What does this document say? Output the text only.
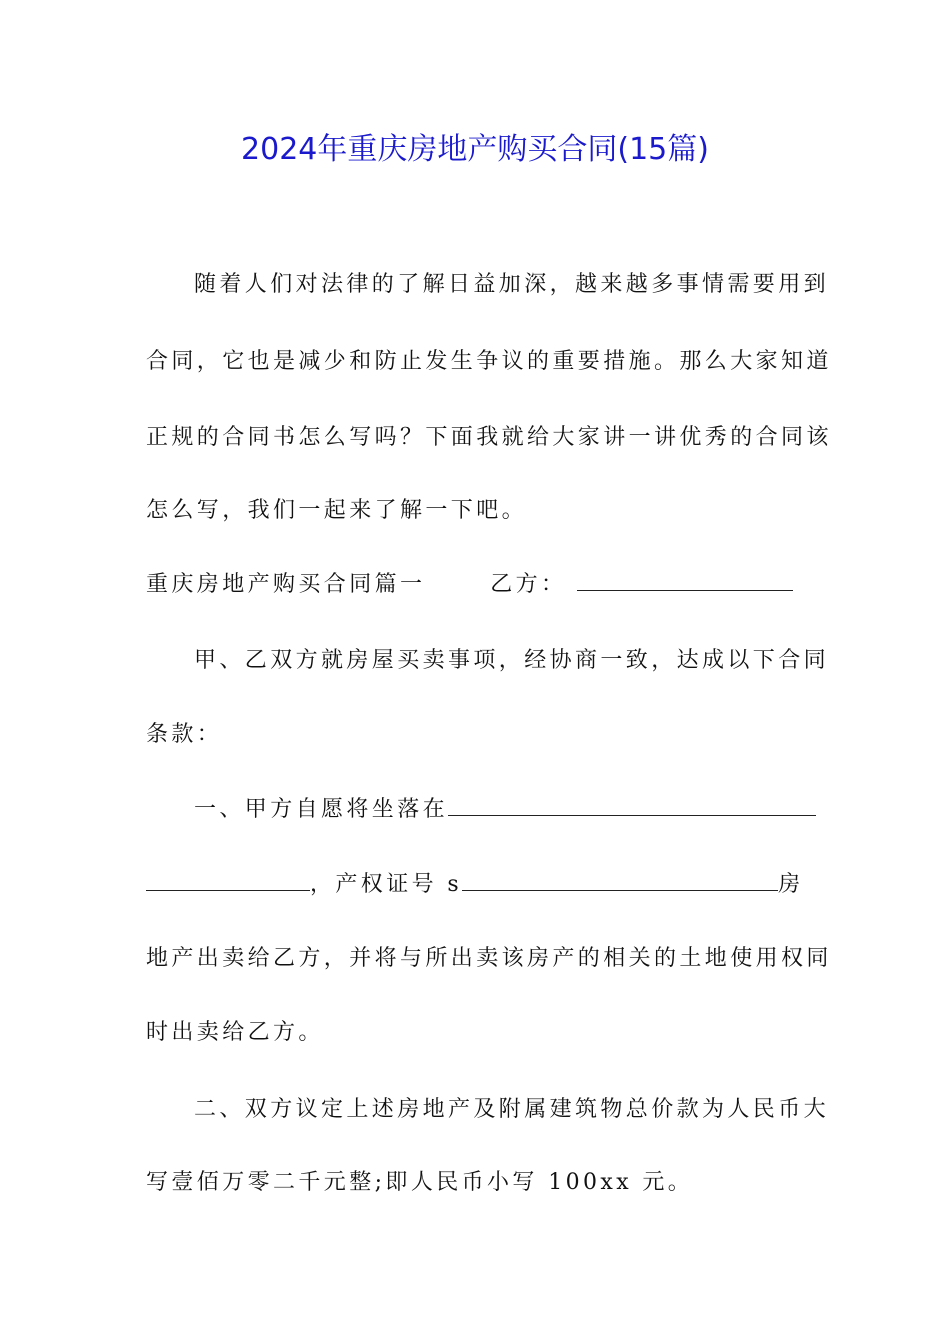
2024年重庆房地产购买合同(15篇)
随着人们对法律的了解日益加深，越来越多事情需要用到
合同，它也是减少和防止发生争议的重要措施。那么大家知道
正规的合同书怎么写吗？下面我就给大家讲一讲优秀的合同该
怎么写，我们一起来了解一下吧。
重庆房地产购买合同篇一	乙方：
甲、乙双方就房屋买卖事项，经协商一致，达成以下合同
条款：
一、甲方自愿将坐落在
，产权证号 s	房
地产出卖给乙方，并将与所出卖该房产的相关的土地使用权同
时出卖给乙方。
二、双方议定上述房地产及附属建筑物总价款为人民币大
写壹佰万零二千元整;即人民币小写 100xx 元。
